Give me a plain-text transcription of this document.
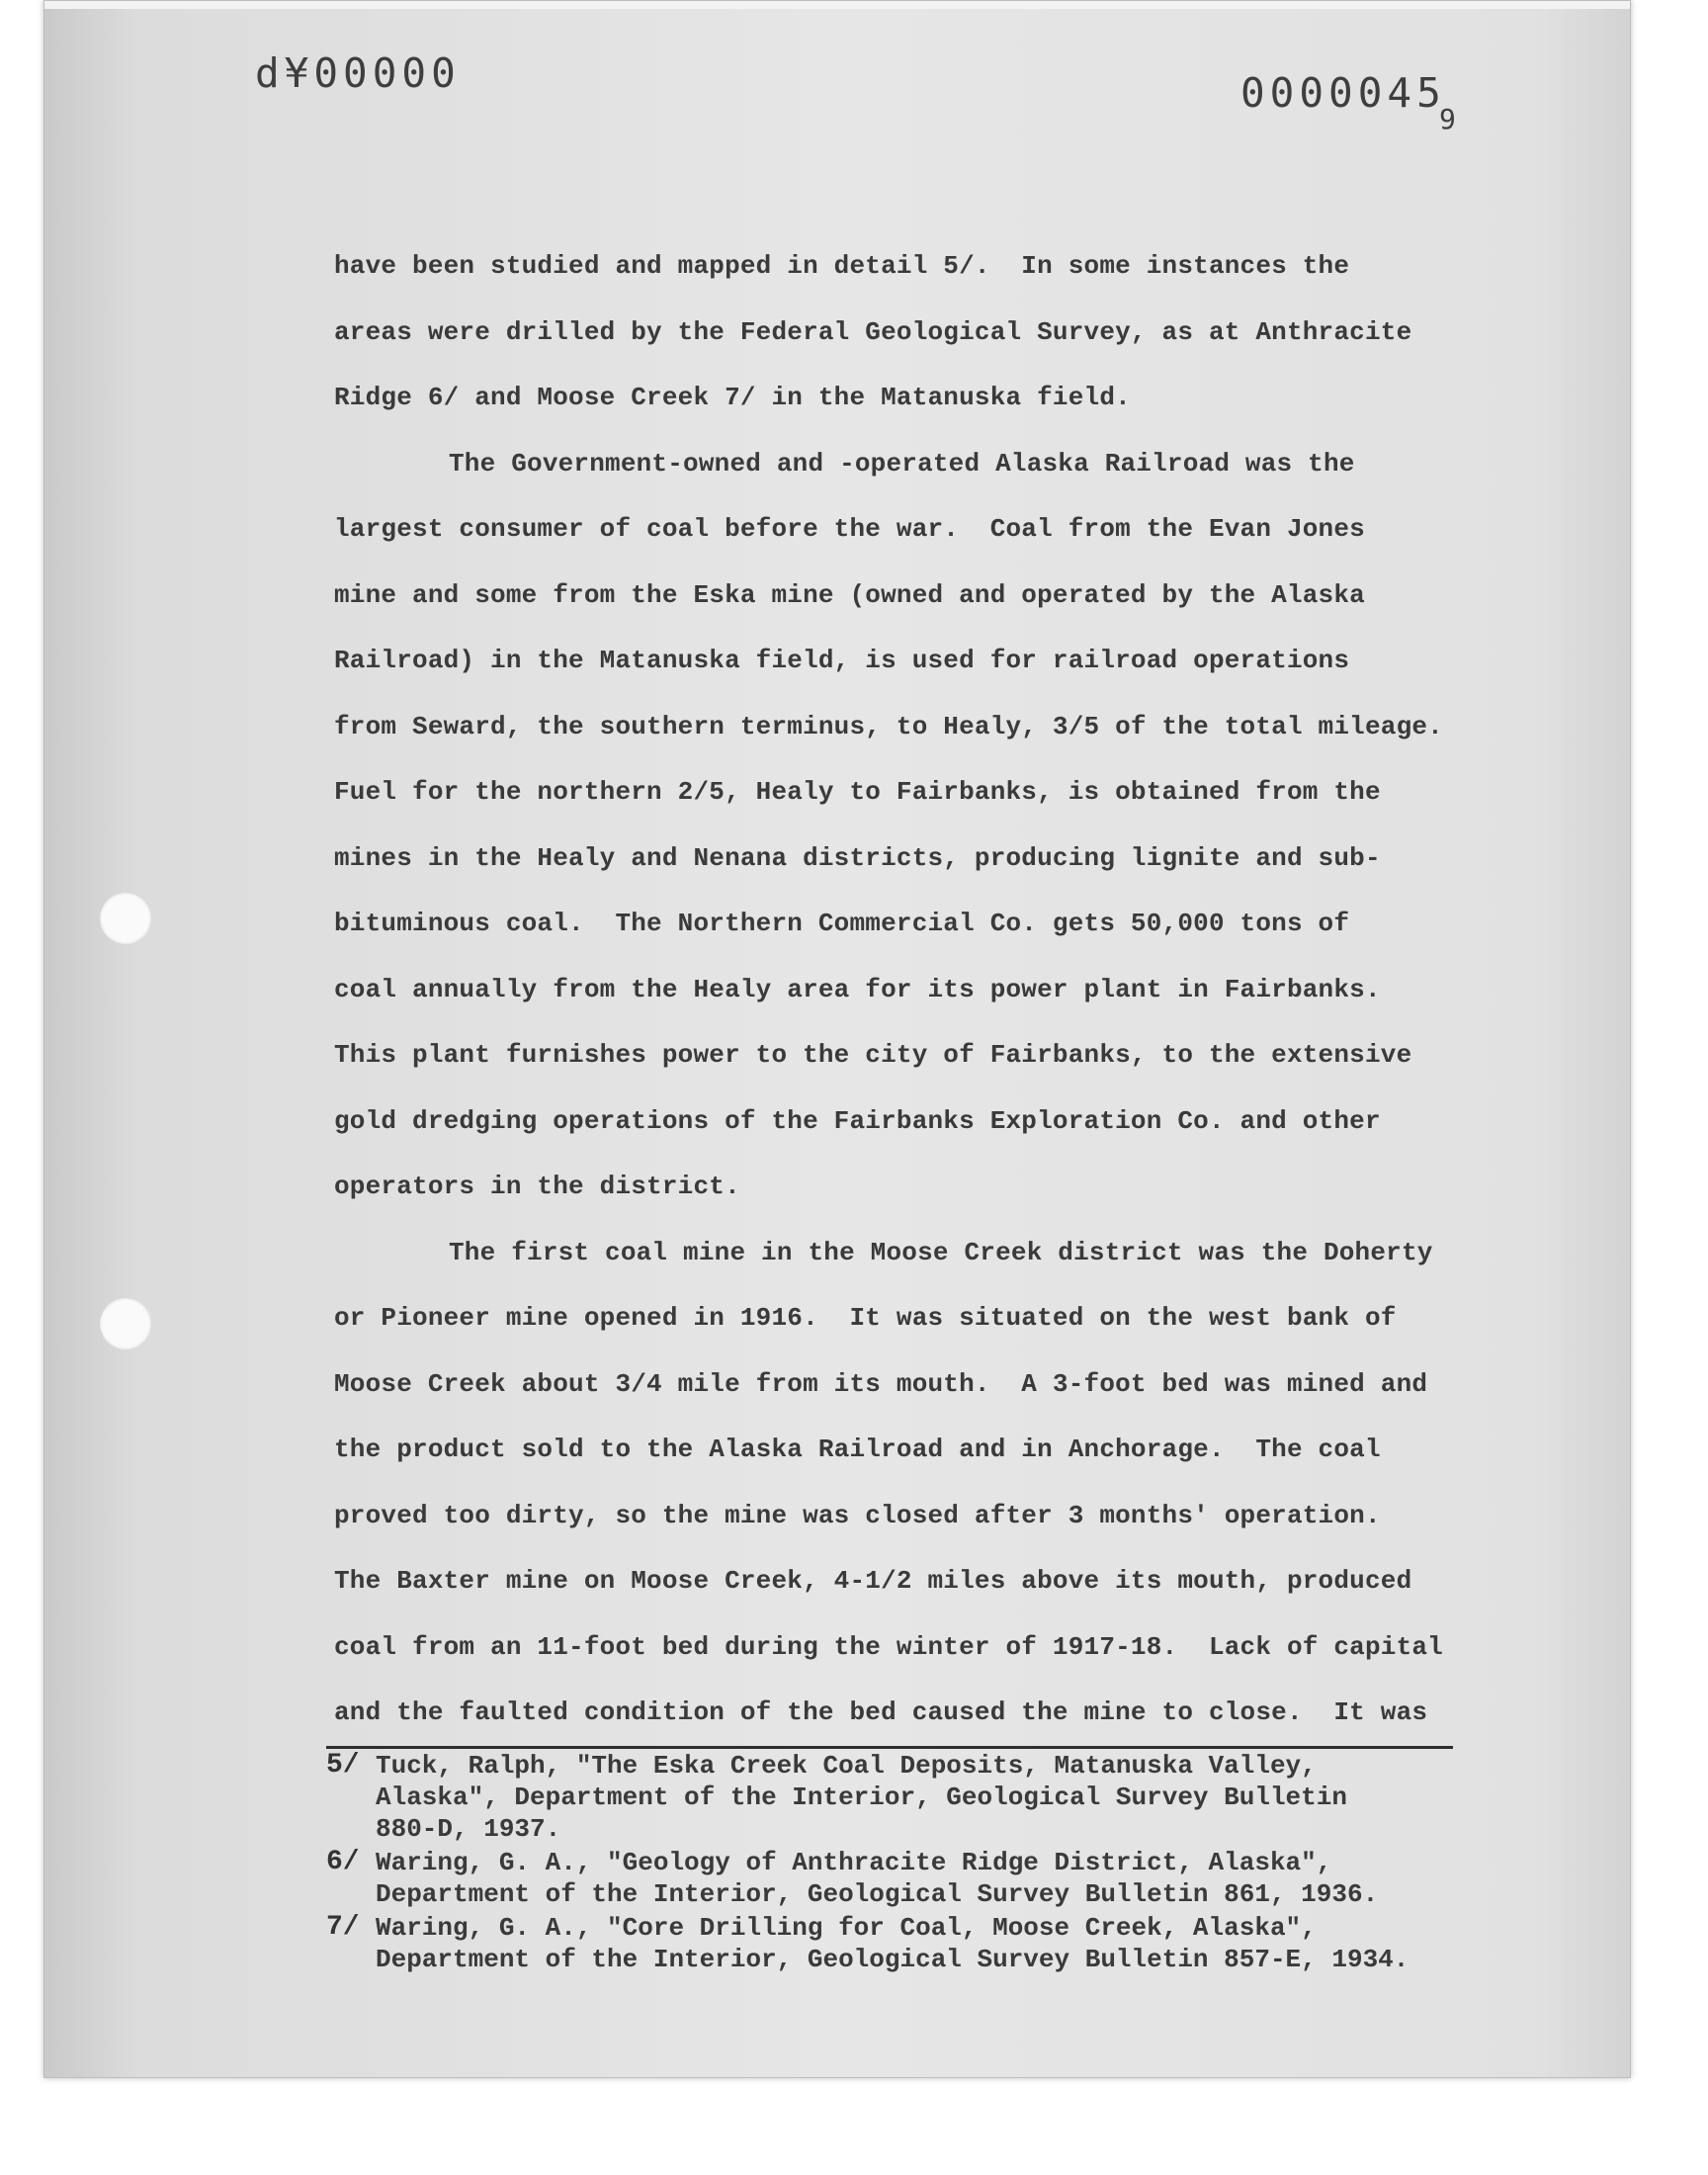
d¥00000	0000045
9
have been studied and mapped in detail 5/.  In some instances the
areas were drilled by the Federal Geological Survey, as at Anthracite
Ridge 6/ and Moose Creek 7/ in the Matanuska field.
The Government-owned and -operated Alaska Railroad was the
largest consumer of coal before the war.  Coal from the Evan Jones
mine and some from the Eska mine (owned and operated by the Alaska
Railroad) in the Matanuska field, is used for railroad operations
from Seward, the southern terminus, to Healy, 3/5 of the total mileage.
Fuel for the northern 2/5, Healy to Fairbanks, is obtained from the
mines in the Healy and Nenana districts, producing lignite and sub-
bituminous coal.  The Northern Commercial Co. gets 50,000 tons of
coal annually from the Healy area for its power plant in Fairbanks.
This plant furnishes power to the city of Fairbanks, to the extensive
gold dredging operations of the Fairbanks Exploration Co. and other
operators in the district.
The first coal mine in the Moose Creek district was the Doherty
or Pioneer mine opened in 1916.  It was situated on the west bank of
Moose Creek about 3/4 mile from its mouth.  A 3-foot bed was mined and
the product sold to the Alaska Railroad and in Anchorage.  The coal
proved too dirty, so the mine was closed after 3 months' operation.
The Baxter mine on Moose Creek, 4-1/2 miles above its mouth, produced
coal from an 11-foot bed during the winter of 1917-18.  Lack of capital
and the faulted condition of the bed caused the mine to close.  It was
5/ Tuck, Ralph, "The Eska Creek Coal Deposits, Matanuska Valley,
Alaska", Department of the Interior, Geological Survey Bulletin
880-D, 1937.
6/ Waring, G. A., "Geology of Anthracite Ridge District, Alaska",
Department of the Interior, Geological Survey Bulletin 861, 1936.
7/ Waring, G. A., "Core Drilling for Coal, Moose Creek, Alaska",
Department of the Interior, Geological Survey Bulletin 857-E, 1934.
